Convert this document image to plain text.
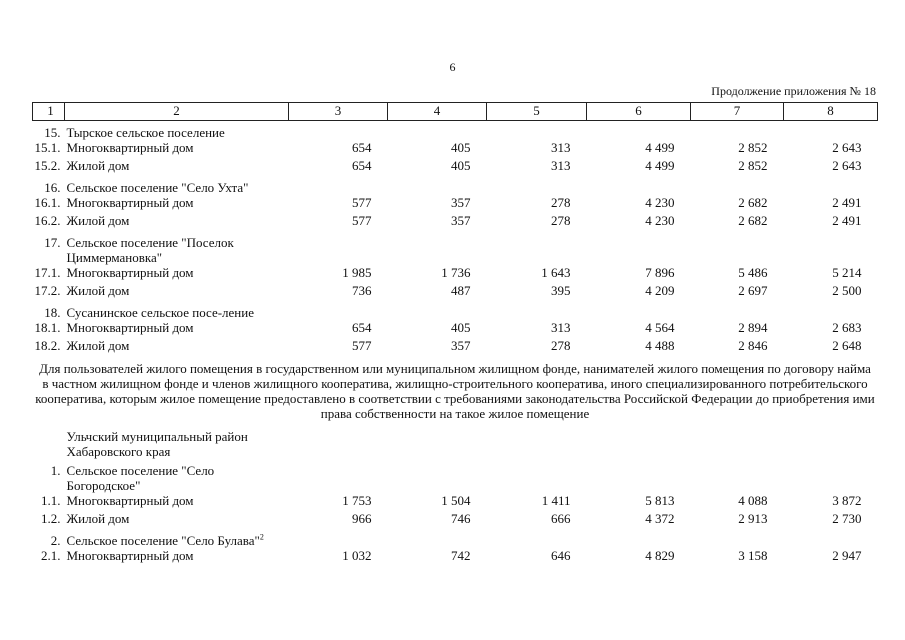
6
Продолжение приложения № 18
1	2	3	4	5	6	7	8
15.	Тырское сельское поселение						
15.1.	Многоквартирный дом	654	405	313	4 499	2 852	2 643
15.2.	Жилой дом	654	405	313	4 499	2 852	2 643
16.	Сельское поселение "Село Ухта"						
16.1.	Многоквартирный дом	577	357	278	4 230	2 682	2 491
16.2.	Жилой дом	577	357	278	4 230	2 682	2 491
17.	Сельское поселение "Поселок Циммермановка"						
17.1.	Многоквартирный дом	1 985	1 736	1 643	7 896	5 486	5 214
17.2.	Жилой дом	736	487	395	4 209	2 697	2 500
18.	Сусанинское сельское посе-ление						
18.1.	Многоквартирный дом	654	405	313	4 564	2 894	2 683
18.2.	Жилой дом	577	357	278	4 488	2 846	2 648
Для пользователей жилого помещения в государственном или муниципальном жилищном фонде, нанимателей жилого помещения по договору найма в частном жилищном фонде и членов жилищного кооператива, жилищно-строительного кооператива, иного специализированного потребительского кооператива, которым жилое помещение предоставлено в соответствии с требованиями законодательства Российской Федерации до приобретения ими права собственности на такое жилое помещение							
	Ульчский муниципальный район Хабаровского края						
1.	Сельское поселение "Село Богородское"						
1.1.	Многоквартирный дом	1 753	1 504	1 411	5 813	4 088	3 872
1.2.	Жилой дом	966	746	666	4 372	2 913	2 730
2.	Сельское поселение "Село Булава"$^2$	
2.1.	Многоквартирный дом	1 032	742	646	4 829	3 158	2 947
